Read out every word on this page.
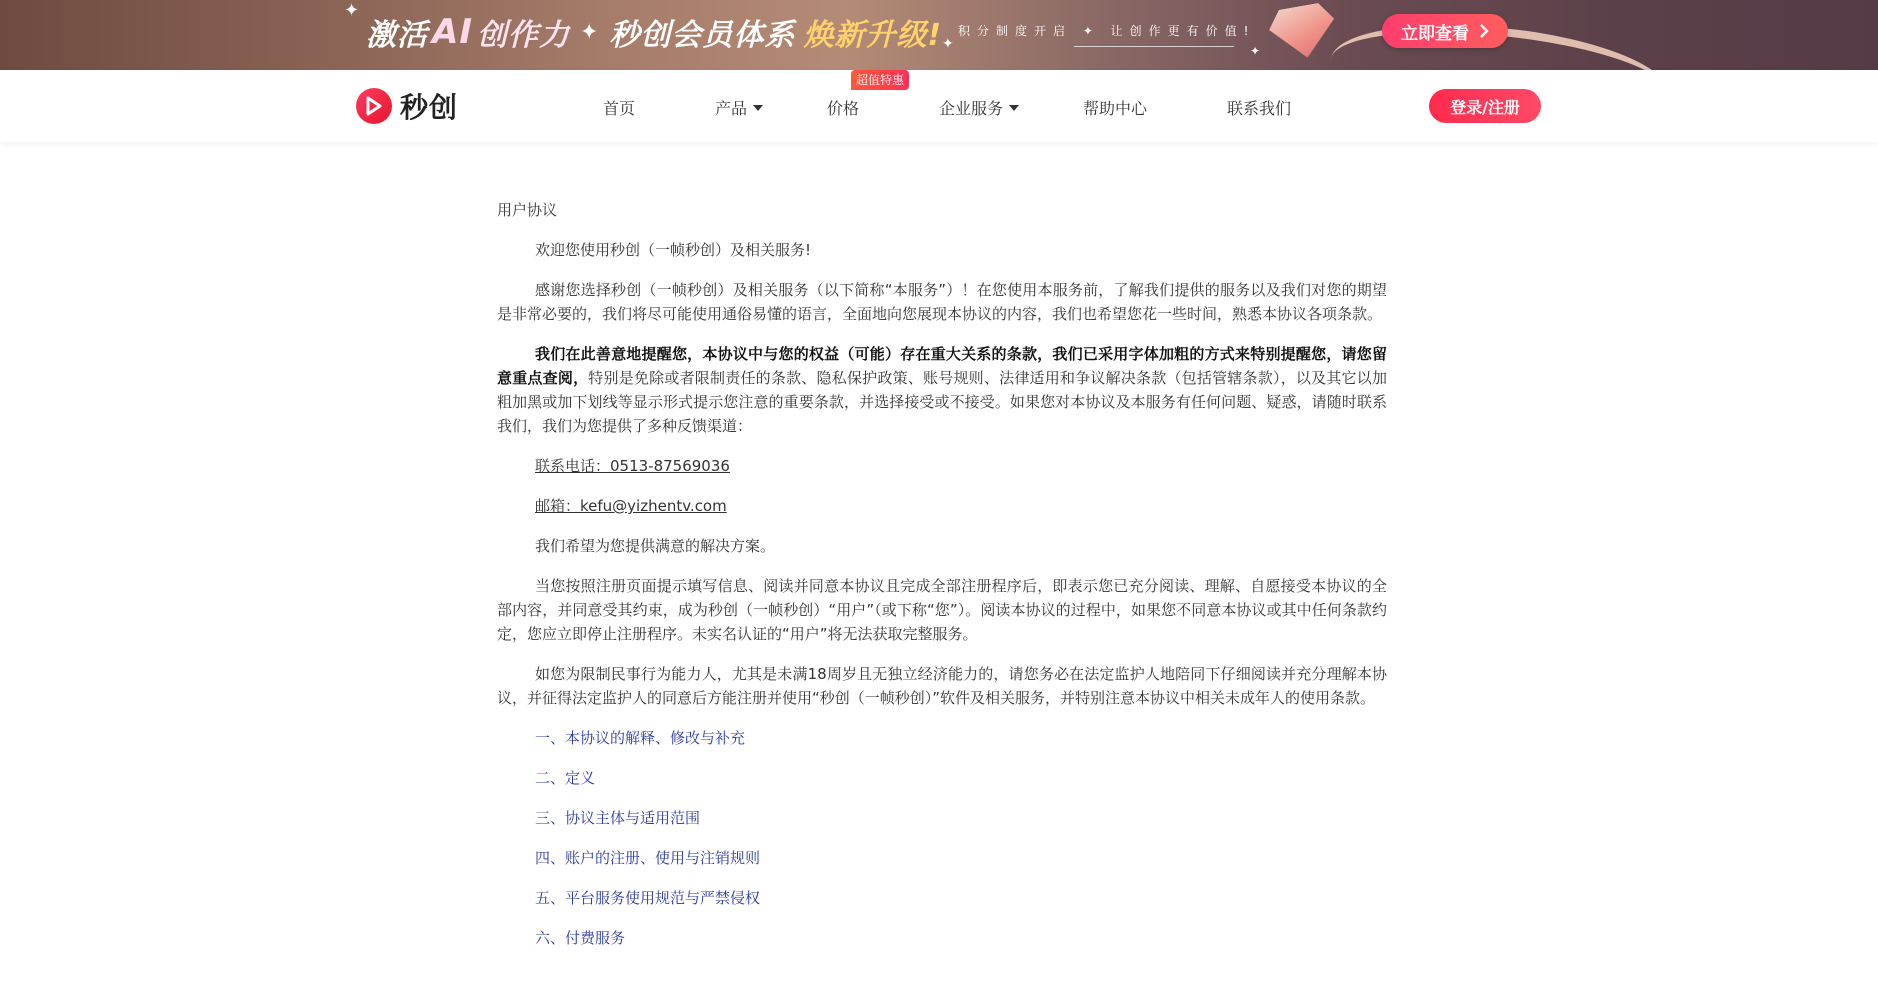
✦
✦	✦
激活 AI 创作力 ✦ 秒创会员体系 焕新升级! 积分制度开启 ✦ 让创作更有价值!	立即查看
秒创	首页	产品	价格
超值特惠
企业服务	帮助中心	联系我们	登录/注册

用户协议

欢迎您使用秒创（一帧秒创）及相关服务!

感谢您选择秒创（一帧秒创）及相关服务（以下简称“本服务”）！在您使用本服务前，了解我们提供的服务以及我们对您的期望是非常必要的，我们将尽可能使用通俗易懂的语言，全面地向您展现本协议的内容，我们也希望您花一些时间，熟悉本协议各项条款。

我们在此善意地提醒您，本协议中与您的权益（可能）存在重大关系的条款，我们已采用字体加粗的方式来特别提醒您，请您留意重点查阅，特别是免除或者限制责任的条款、隐私保护政策、账号规则、法律适用和争议解决条款（包括管辖条款），以及其它以加粗加黑或加下划线等显示形式提示您注意的重要条款，并选择接受或不接受。如果您对本协议及本服务有任何问题、疑惑，请随时联系我们，我们为您提供了多种反馈渠道：

联系电话：0513-87569036

邮箱：kefu@yizhentv.com

我们希望为您提供满意的解决方案。

当您按照注册页面提示填写信息、阅读并同意本协议且完成全部注册程序后，即表示您已充分阅读、理解、自愿接受本协议的全部内容，并同意受其约束，成为秒创（一帧秒创）“用户”（或下称“您”）。阅读本协议的过程中，如果您不同意本协议或其中任何条款约定，您应立即停止注册程序。未实名认证的“用户”将无法获取完整服务。

如您为限制民事行为能力人，尤其是未满18周岁且无独立经济能力的，请您务必在法定监护人地陪同下仔细阅读并充分理解本协议，并征得法定监护人的同意后方能注册并使用“秒创（一帧秒创）”软件及相关服务，并特别注意本协议中相关未成年人的使用条款。

一、本协议的解释、修改与补充

二、定义

三、协议主体与适用范围

四、账户的注册、使用与注销规则

五、平台服务使用规范与严禁侵权

六、付费服务
